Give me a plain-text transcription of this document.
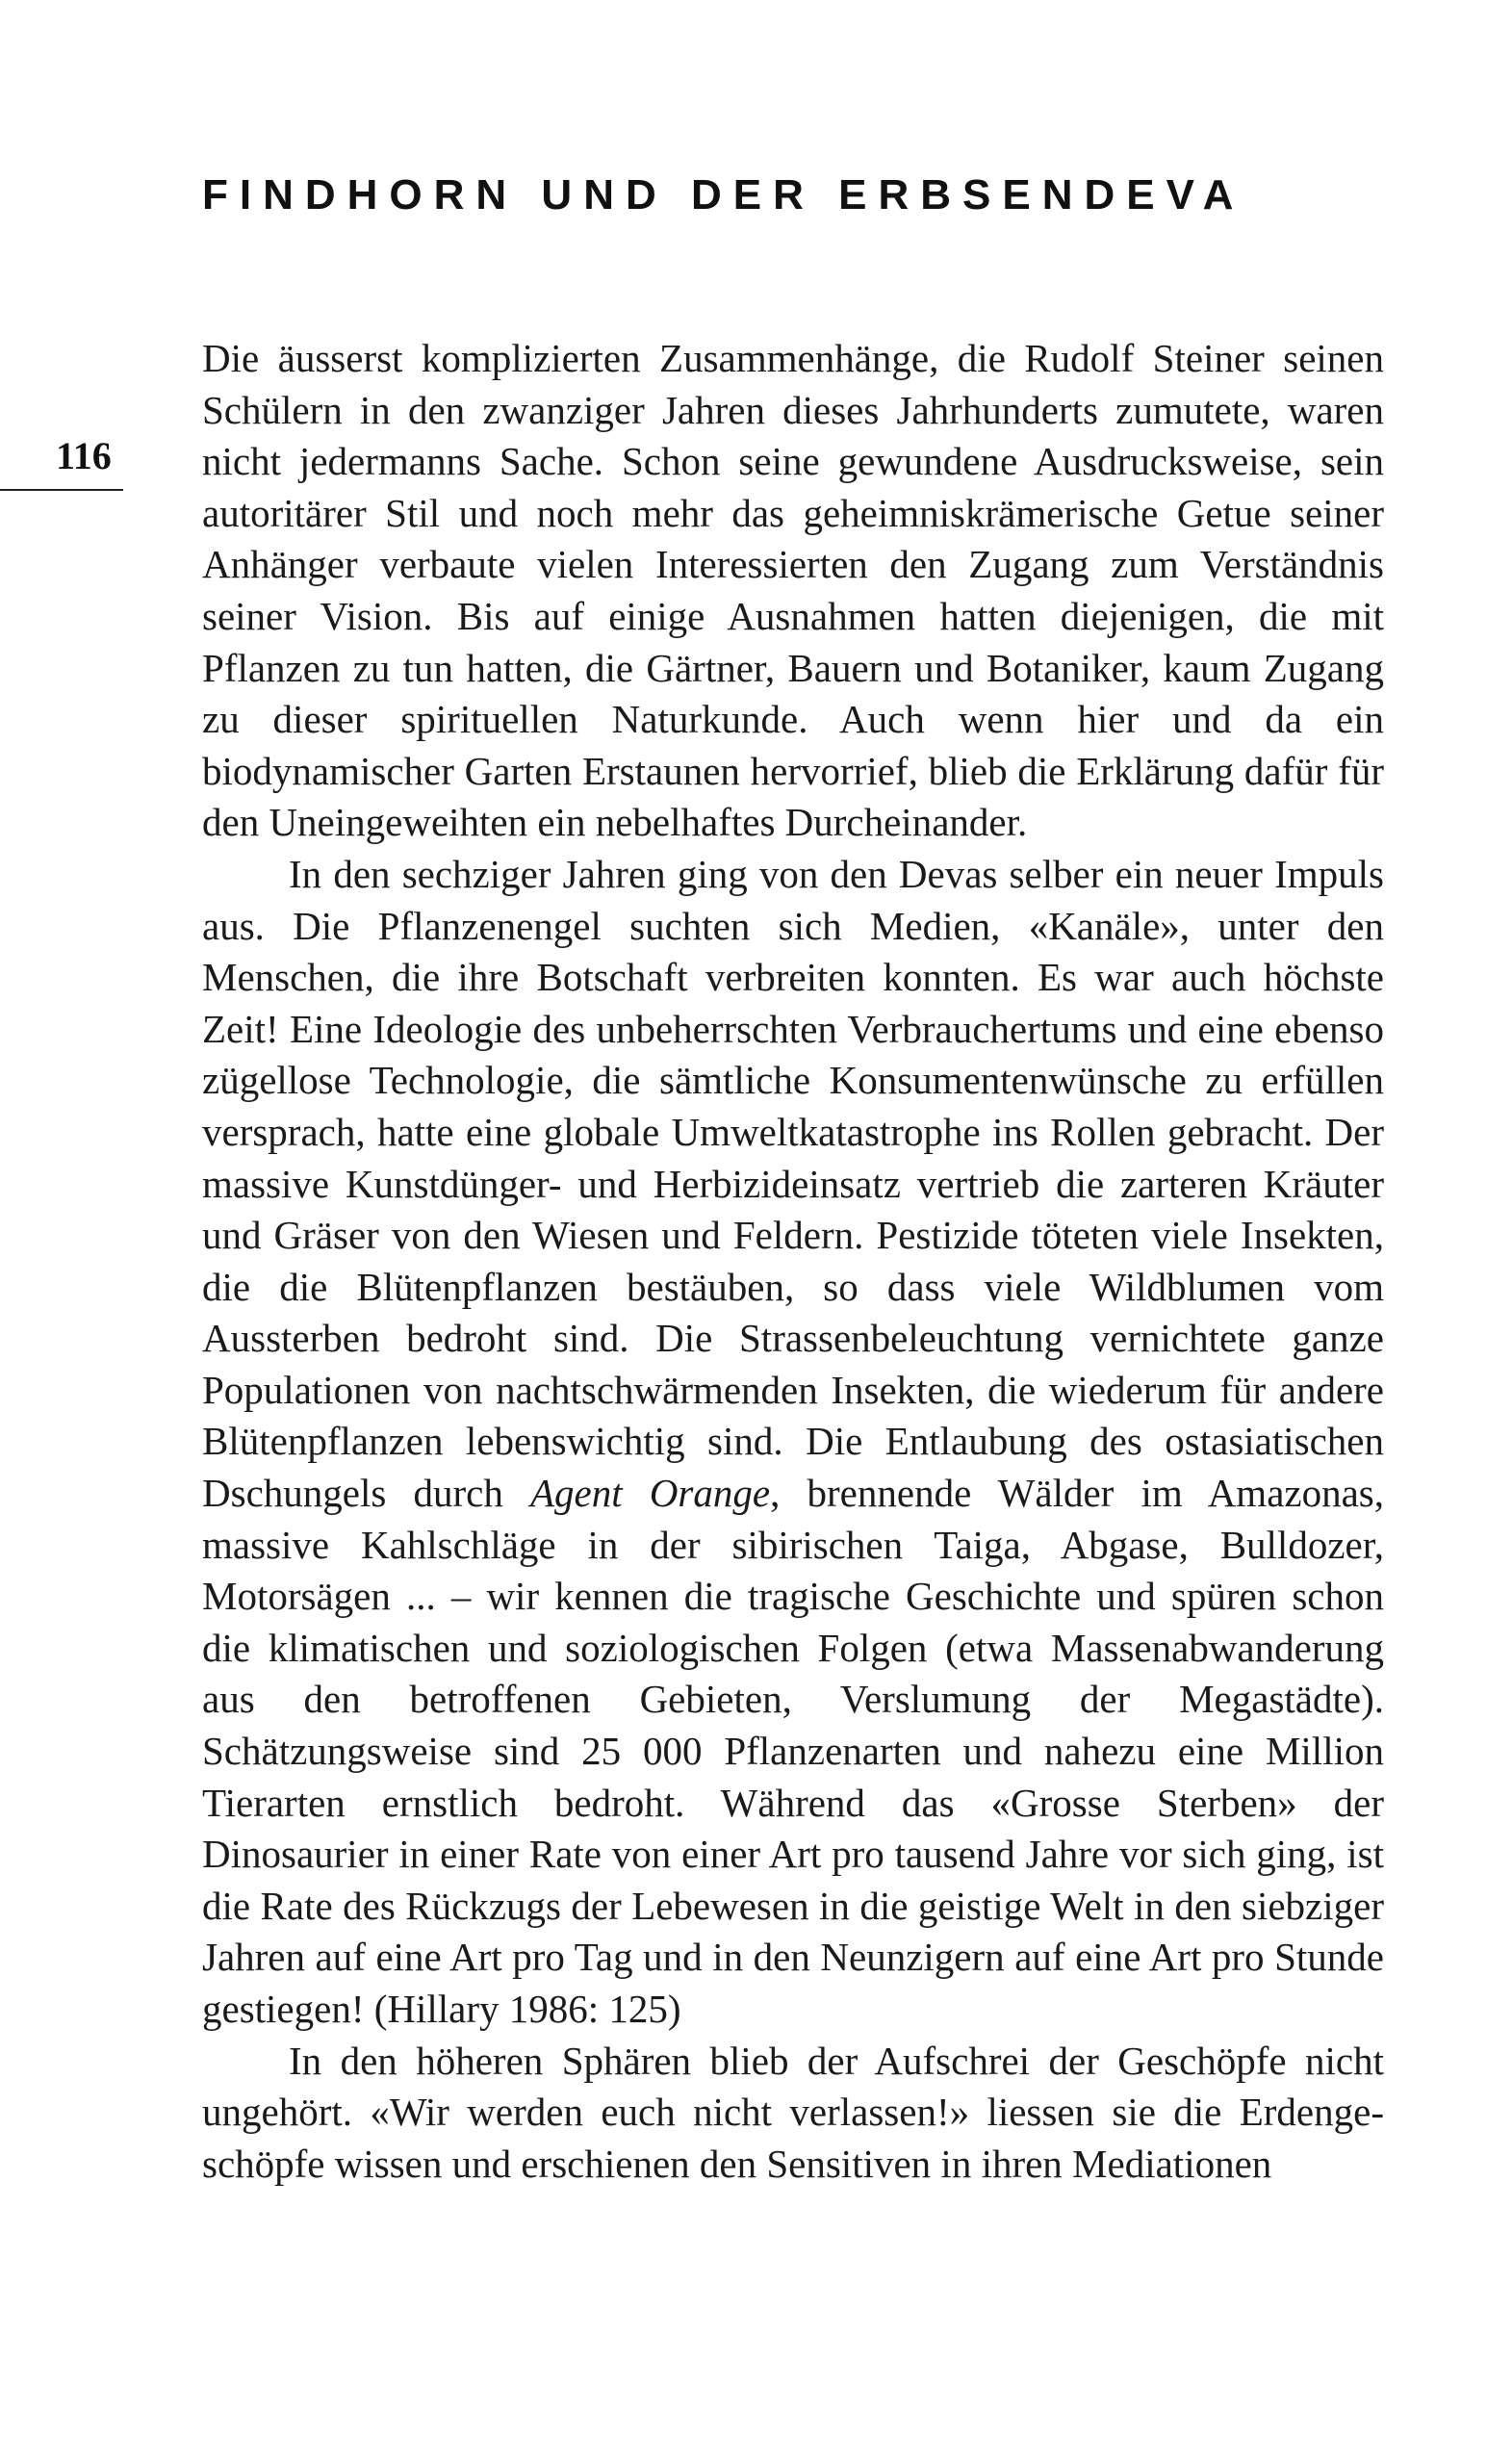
FINDHORN UND DER ERBSENDEVA
116

Die äusserst komplizierten Zusammenhänge, die Rudolf Steiner seinen Schülern in den zwanziger Jahren dieses Jahrhunderts zumutete, waren nicht jedermanns Sache. Schon seine gewundene Ausdrucksweise, sein autoritärer Stil und noch mehr das geheimniskrämerische Getue seiner Anhänger verbaute vielen Interessierten den Zugang zum Verständnis seiner Vision. Bis auf einige Ausnahmen hatten diejenigen, die mit Pflanzen zu tun hatten, die Gärtner, Bauern und Botaniker, kaum Zugang zu dieser spirituellen Naturkunde. Auch wenn hier und da ein biodynamischer Garten Erstaunen hervorrief, blieb die Erklärung dafür für den Uneingeweihten ein nebelhaftes Durcheinander.

In den sechziger Jahren ging von den Devas selber ein neuer Impuls aus. Die Pflanzenengel suchten sich Medien, «Kanäle», unter den Menschen, die ihre Botschaft verbreiten konnten. Es war auch höchste Zeit! Eine Ideologie des unbeherrschten Verbrauchertums und eine ebenso zügellose Technologie, die sämtliche Konsumentenwünsche zu erfüllen versprach, hatte eine globale Umweltkatastrophe ins Rollen gebracht. Der massive Kunstdünger- und Herbizideinsatz vertrieb die zarteren Kräuter und Gräser von den Wiesen und Feldern. Pestizide töteten viele Insekten, die die Blütenpflanzen bestäuben, so dass viele Wildblumen vom Aussterben bedroht sind. Die Strassenbeleuchtung vernichtete ganze Populationen von nachtschwärmenden Insekten, die wiederum für andere Blütenpflanzen lebenswichtig sind. Die Entlaubung des ostasiatischen Dschungels durch Agent Orange, brennende Wälder im Amazonas, massive Kahlschläge in der sibirischen Taiga, Abgase, Bulldozer, Motorsägen ... – wir kennen die tragische Geschichte und spüren schon die klimatischen und soziologischen Folgen (etwa Massenabwanderung aus den betroffenen Gebieten, Verslumung der Megastädte). Schätzungsweise sind 25 000 Pflanzenarten und nahezu eine Million Tierarten ernstlich bedroht. Während das «Grosse Sterben» der Dinosaurier in einer Rate von einer Art pro tausend Jahre vor sich ging, ist die Rate des Rückzugs der Lebewesen in die geistige Welt in den siebziger Jahren auf eine Art pro Tag und in den Neunzigern auf eine Art pro Stunde gestiegen! (Hillary 1986: 125)

In den höheren Sphären blieb der Aufschrei der Geschöpfe nicht ungehört. «Wir werden euch nicht verlassen!» liessen sie die Erdengeschöpfe wissen und erschienen den Sensitiven in ihren Mediationen
